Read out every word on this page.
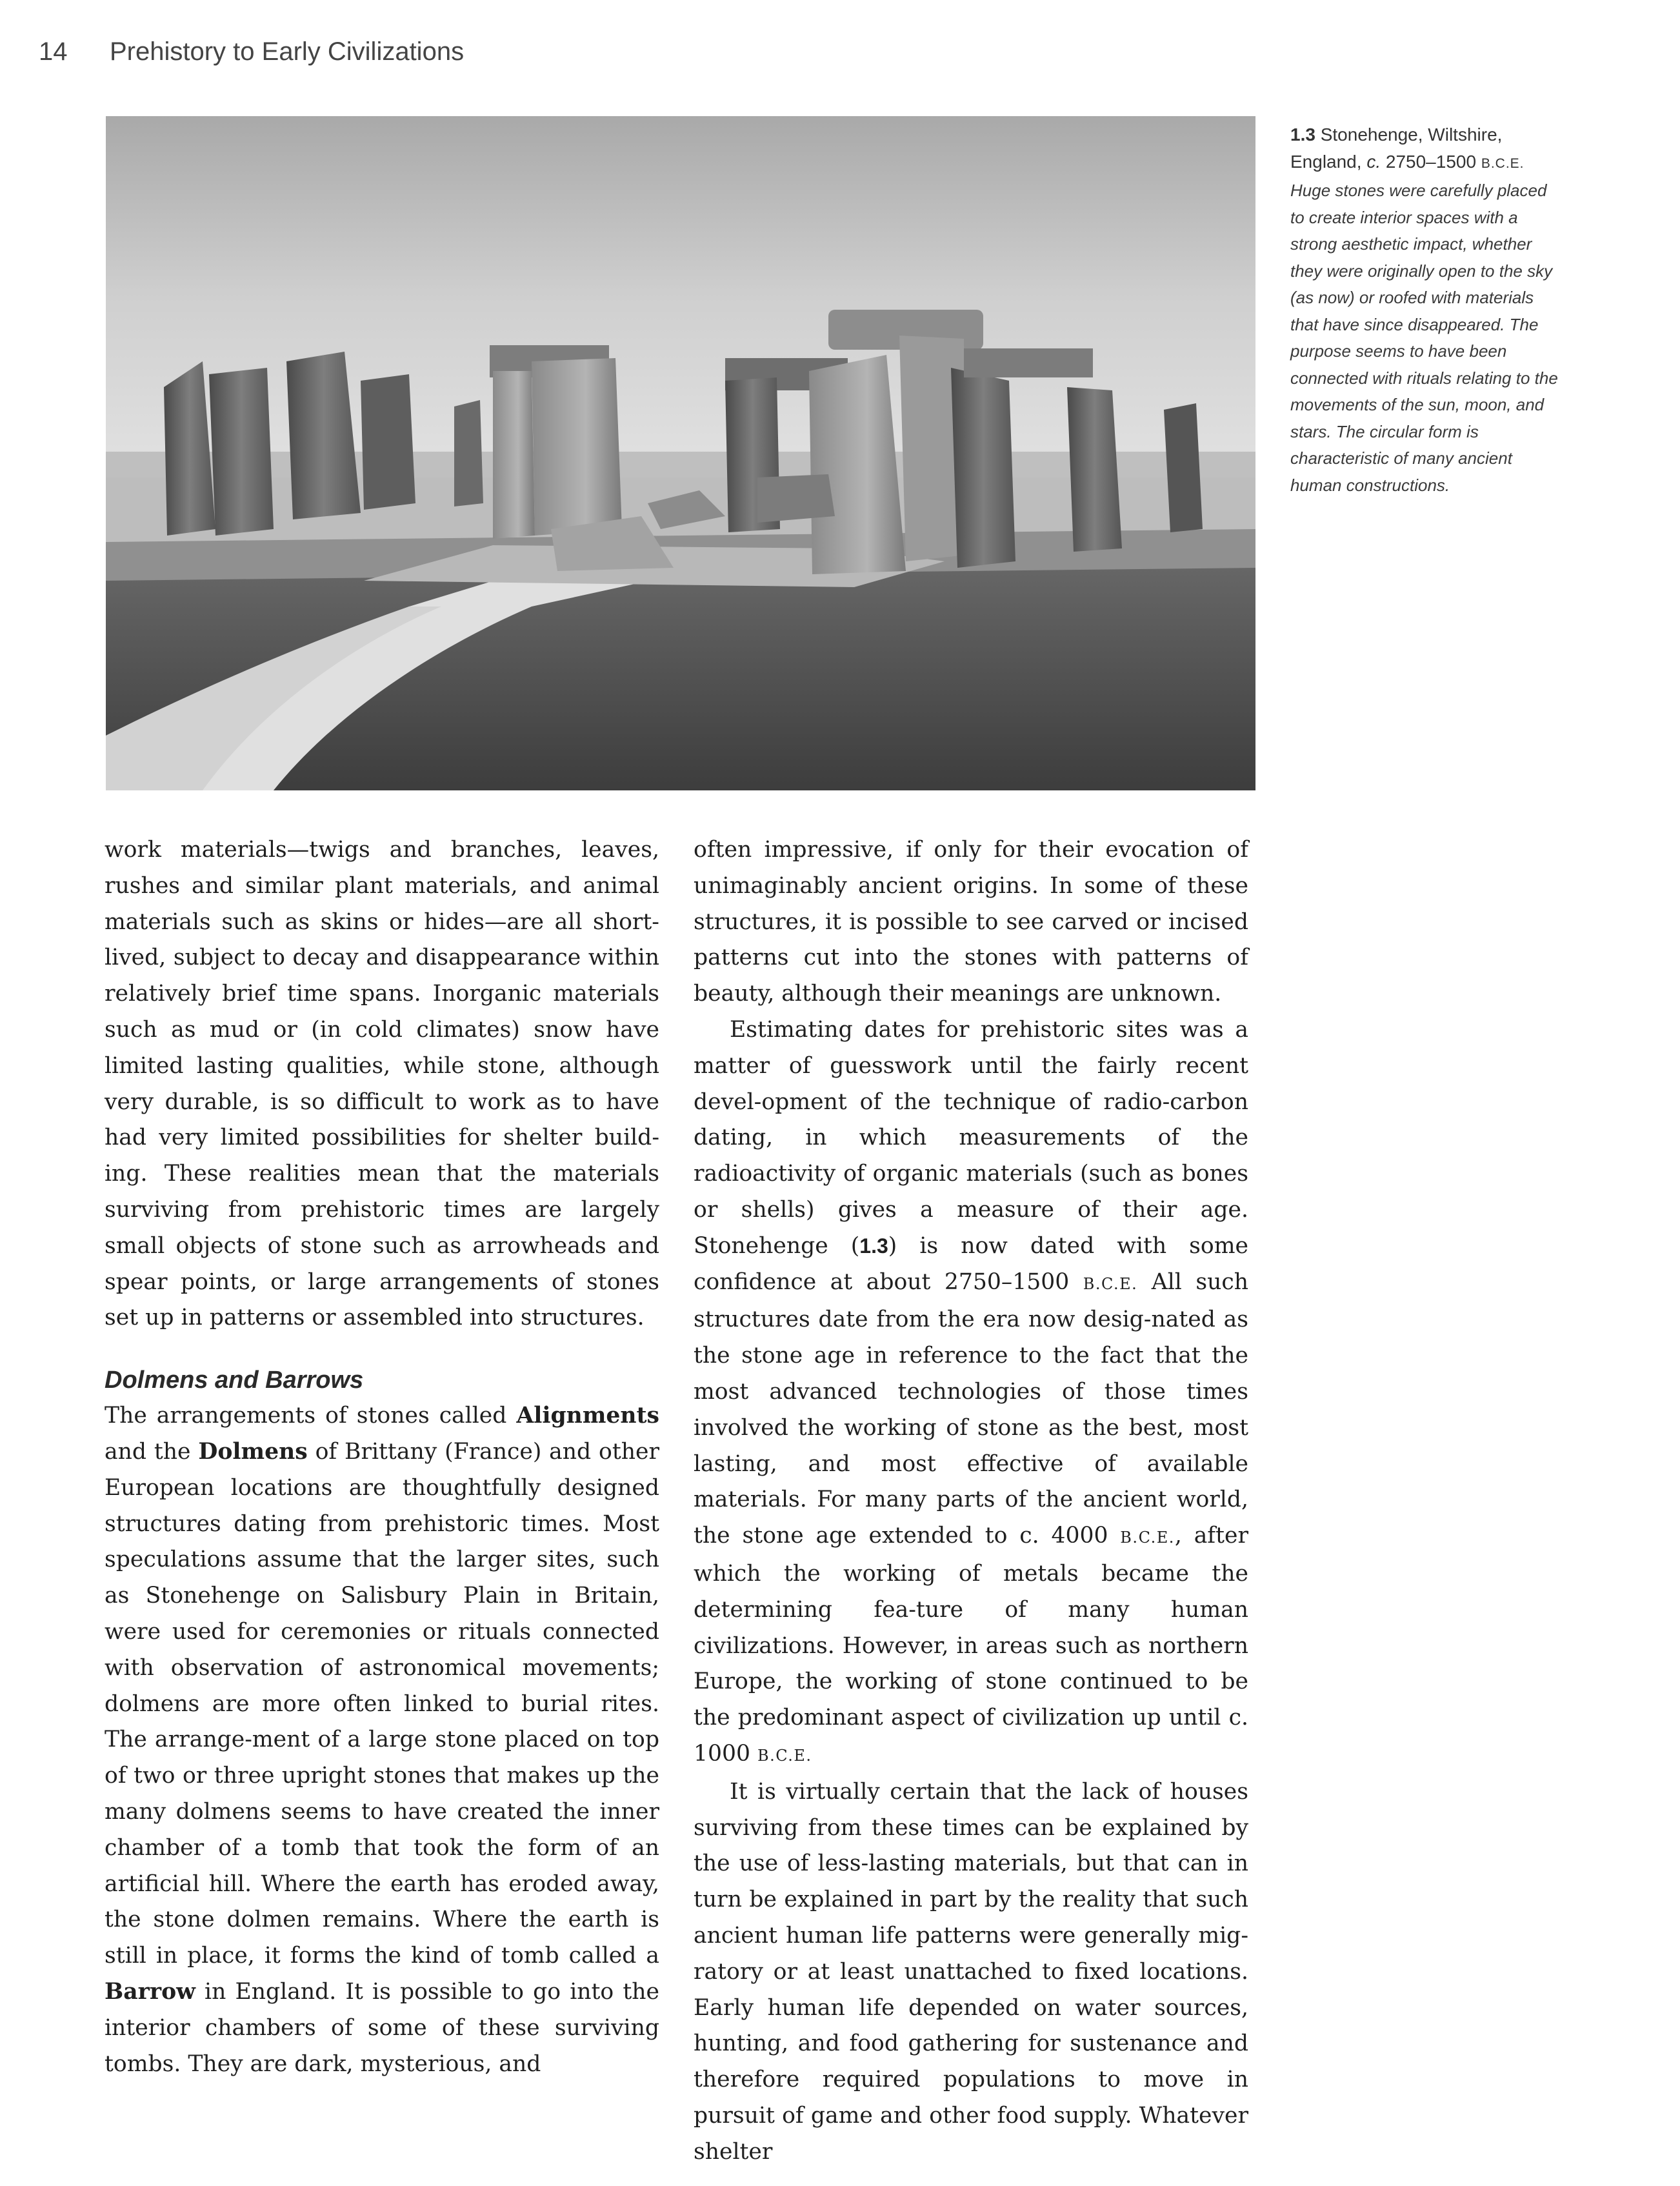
14 Prehistory to Early Civilizations

1.3 Stonehenge, Wiltshire, England, c. 2750–1500 B.C.E.

Huge stones were carefully placed to create interior spaces with a strong aesthetic impact, whether they were originally open to the sky (as now) or roofed with materials that have since disappeared. The purpose seems to have been connected with rituals relating to the movements of the sun, moon, and stars. The circular form is characteristic of many ancient human constructions.

work materials—twigs and branches, leaves, rushes and similar plant materials, and animal materials such as skins or hides—are all short-lived, subject to decay and disappearance within relatively brief time spans. Inorganic materials such as mud or (in cold climates) snow have limited lasting qualities, while stone, although very durable, is so difficult to work as to have had very limited possibilities for shelter build-ing. These realities mean that the materials surviving from prehistoric times are largely small objects of stone such as arrowheads and spear points, or large arrangements of stones set up in patterns or assembled into structures.

Dolmens and Barrows

The arrangements of stones called Alignments and the Dolmens of Brittany (France) and other European locations are thoughtfully designed structures dating from prehistoric times. Most speculations assume that the larger sites, such as Stonehenge on Salisbury Plain in Britain, were used for ceremonies or rituals connected with observation of astronomical movements; dolmens are more often linked to burial rites. The arrange-ment of a large stone placed on top of two or three upright stones that makes up the many dolmens seems to have created the inner chamber of a tomb that took the form of an artificial hill. Where the earth has eroded away, the stone dolmen remains. Where the earth is still in place, it forms the kind of tomb called a Barrow in England. It is possible to go into the interior chambers of some of these surviving tombs. They are dark, mysterious, and

often impressive, if only for their evocation of unimaginably ancient origins. In some of these structures, it is possible to see carved or incised patterns cut into the stones with patterns of beauty, although their meanings are unknown.

Estimating dates for prehistoric sites was a matter of guesswork until the fairly recent devel-opment of the technique of radio-carbon dating, in which measurements of the radioactivity of organic materials (such as bones or shells) gives a measure of their age. Stonehenge (1.3) is now dated with some confidence at about 2750–1500 B.C.E. All such structures date from the era now desig-nated as the stone age in reference to the fact that the most advanced technologies of those times involved the working of stone as the best, most lasting, and most effective of available materials. For many parts of the ancient world, the stone age extended to c. 4000 B.C.E., after which the working of metals became the determining fea-ture of many human civilizations. However, in areas such as northern Europe, the working of stone continued to be the predominant aspect of civilization up until c. 1000 B.C.E.

It is virtually certain that the lack of houses surviving from these times can be explained by the use of less-lasting materials, but that can in turn be explained in part by the reality that such ancient human life patterns were generally mig-ratory or at least unattached to fixed locations. Early human life depended on water sources, hunting, and food gathering for sustenance and therefore required populations to move in pursuit of game and other food supply. Whatever shelter
